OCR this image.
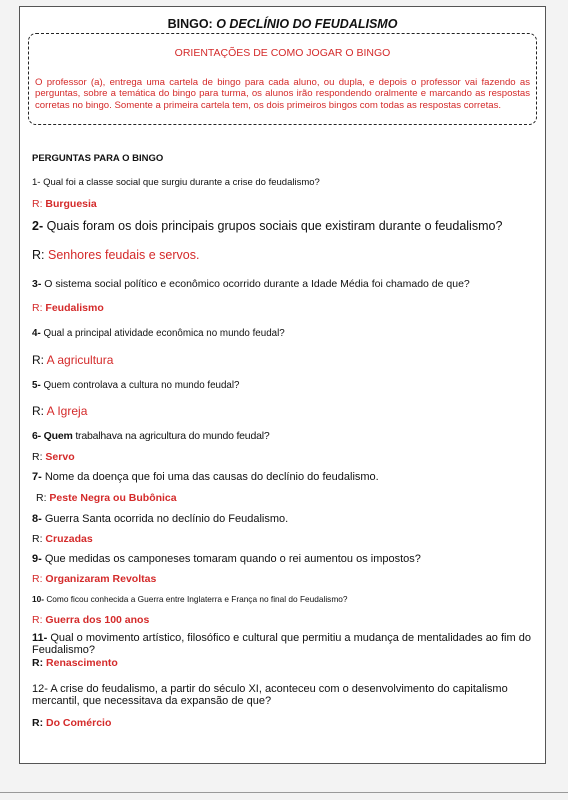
BINGO: O DECLÍNIO DO FEUDALISMO
ORIENTAÇÕES DE COMO JOGAR O BINGO
O professor (a), entrega uma cartela de bingo para cada aluno, ou dupla, e depois o professor vai fazendo as perguntas, sobre a temática do bingo para turma, os alunos irão respondendo oralmente e marcando as respostas corretas no bingo. Somente a primeira cartela tem, os dois primeiros bingos com todas as respostas corretas.
PERGUNTAS PARA O BINGO
1- Qual foi a classe social que surgiu durante a crise do feudalismo?
R: Burguesia
2- Quais foram os dois principais grupos sociais que existiram durante o feudalismo?
R: Senhores feudais e servos.
3- O sistema social político e econômico ocorrido durante a Idade Média foi chamado de que?
R: Feudalismo
4- Qual a principal atividade econômica no mundo feudal?
R: A agricultura
5- Quem controlava a cultura no mundo feudal?
R: A Igreja
6- Quem trabalhava na agricultura do mundo feudal?
R: Servo
7- Nome da doença que foi uma das causas do declínio do feudalismo.
R: Peste Negra ou Bubônica
8- Guerra Santa ocorrida no declínio do Feudalismo.
R: Cruzadas
9- Que medidas os camponeses tomaram quando o rei aumentou os impostos?
R: Organizaram Revoltas
10- Como ficou conhecida a Guerra entre Inglaterra e França no final do Feudalismo?
R: Guerra dos 100 anos
11- Qual o movimento artístico, filosófico e cultural que permitiu a mudança de mentalidades ao fim do Feudalismo?
R: Renascimento
12- A crise do feudalismo, a partir do século XI, aconteceu com o desenvolvimento do capitalismo mercantil, que necessitava da expansão de que?
R: Do Comércio
